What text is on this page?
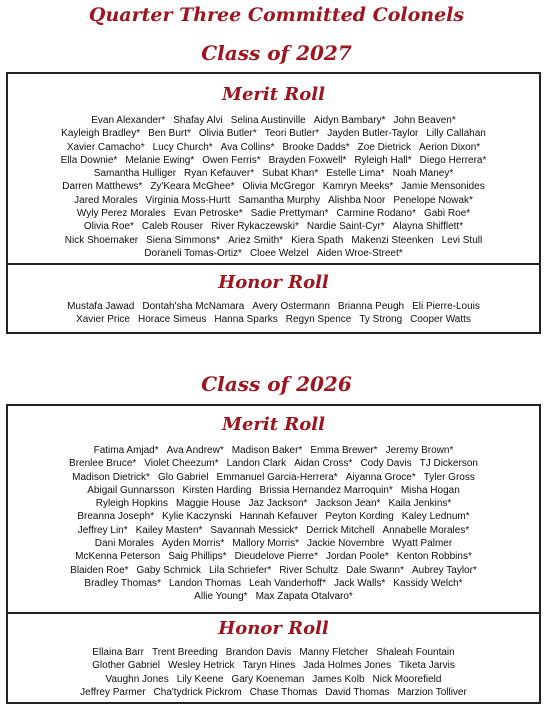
Quarter Three Committed Colonels
Class of 2027
Merit Roll
Evan Alexander* Shafay Alvi Selina Austinville Aidyn Bambary* John Beaven*
Kayleigh Bradley* Ben Burt* Olivia Butler* Teori Butler* Jayden Butler-Taylor Lilly Callahan
Xavier Camacho* Lucy Church* Ava Collins* Brooke Dadds* Zoe Dietrick Aerion Dixon*
Ella Downie* Melanie Ewing* Owen Ferris* Brayden Foxwell* Ryleigh Hall* Diego Herrera*
Samantha Hulliger Ryan Kefauver* Subat Khan* Estelle Lima* Noah Maney*
Darren Matthews* Zy'Keara McGhee* Olivia McGregor Kamryn Meeks* Jamie Mensonides
Jared Morales Virginia Moss-Hurtt Samantha Murphy Alishba Noor Penelope Nowak*
Wyly Perez Morales Evan Petroske* Sadie Prettyman* Carmine Rodano* Gabi Roe*
Olivia Roe* Caleb Rouser River Rykaczewski* Nardie Saint-Cyr* Alayna Shifflett*
Nick Shoemaker Siena Simmons* Ariez Smith* Kiera Spath Makenzi Steenken Levi Stull
Doraneli Tomas-Ortiz* Cloee Welzel Aiden Wroe-Street*
Honor Roll
Mustafa Jawad Dontah'sha McNamara Avery Ostermann Brianna Peugh Eli Pierre-Louis
Xavier Price Horace Simeus Hanna Sparks Regyn Spence Ty Strong Cooper Watts
Class of 2026
Merit Roll
Fatima Amjad* Ava Andrew* Madison Baker* Emma Brewer* Jeremy Brown*
Brenlee Bruce* Violet Cheezum* Landon Clark Aidan Cross* Cody Davis TJ Dickerson
Madison Dietrick* Glo Gabriel Emmanuel Garcia-Herrera* Aiyanna Groce* Tyler Gross
Abigail Gunnarsson Kirsten Harding Brissia Hernandez Marroquin* Misha Hogan
Ryleigh Hopkins Maggie House Jaz Jackson* Jackson Jean* Kaila Jenkins*
Breanna Joseph* Kylie Kaczynski Hannah Kefauver Peyton Kording Kaley Lednum*
Jeffrey Lin* Kailey Masten* Savannah Messick* Derrick Mitchell Annabelle Morales*
Dani Morales Ayden Morris* Mallory Morris* Jackie Novembre Wyatt Palmer
McKenna Peterson Saig Phillips* Dieudelove Pierre* Jordan Poole* Kenton Robbins*
Blaiden Roe* Gaby Schmick Lila Schriefer* River Schultz Dale Swann* Aubrey Taylor*
Bradley Thomas* Landon Thomas Leah Vanderhoff* Jack Walls* Kassidy Welch*
Allie Young* Max Zapata Otalvaro*
Honor Roll
Ellaina Barr Trent Breeding Brandon Davis Manny Fletcher Shaleah Fountain
Glother Gabriel Wesley Hetrick Taryn Hines Jada Holmes Jones Tiketa Jarvis
Vaughn Jones Lily Keene Gary Koeneman James Kolb Nick Moorefield
Jeffrey Parmer Cha'tydrick Pickrom Chase Thomas David Thomas Marzion Tolliver
